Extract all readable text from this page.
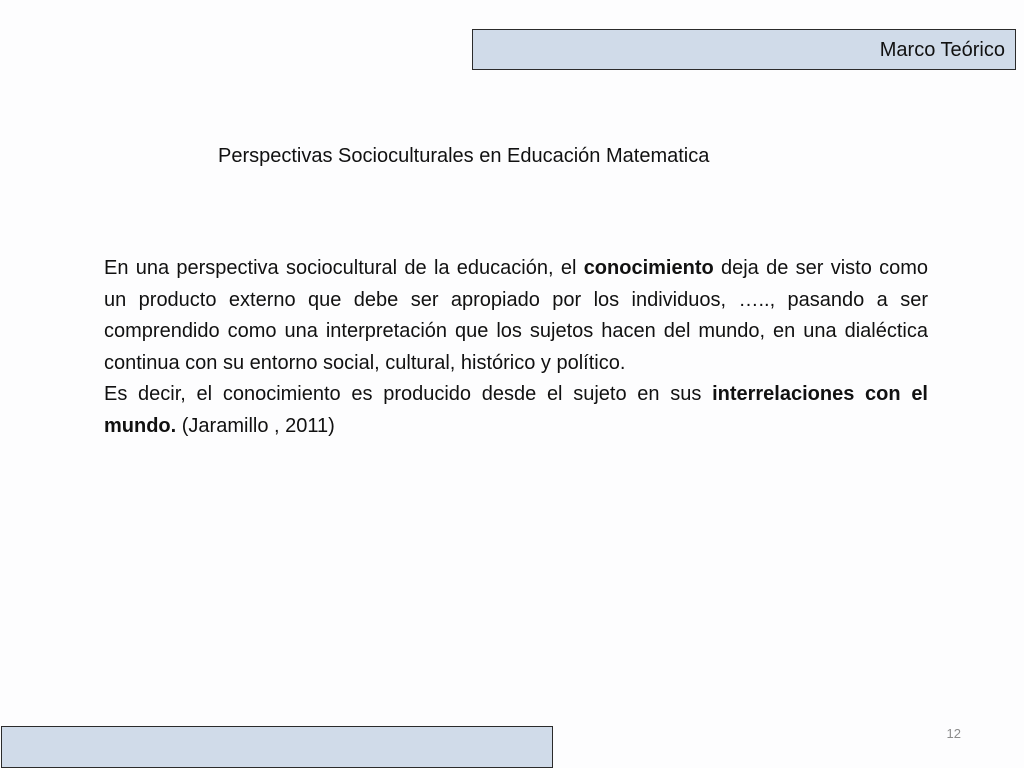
Marco Teórico
Perspectivas Socioculturales en Educación Matematica

En una perspectiva sociocultural de la educación, el conocimiento deja de ser visto como un producto externo que debe ser apropiado por los individuos, ….., pasando a ser comprendido como una interpretación que los sujetos hacen del mundo, en una dialéctica continua con su entorno social, cultural, histórico y político.

Es decir, el conocimiento es producido desde el sujeto en sus interrelaciones con el mundo. (Jaramillo , 2011)

12
